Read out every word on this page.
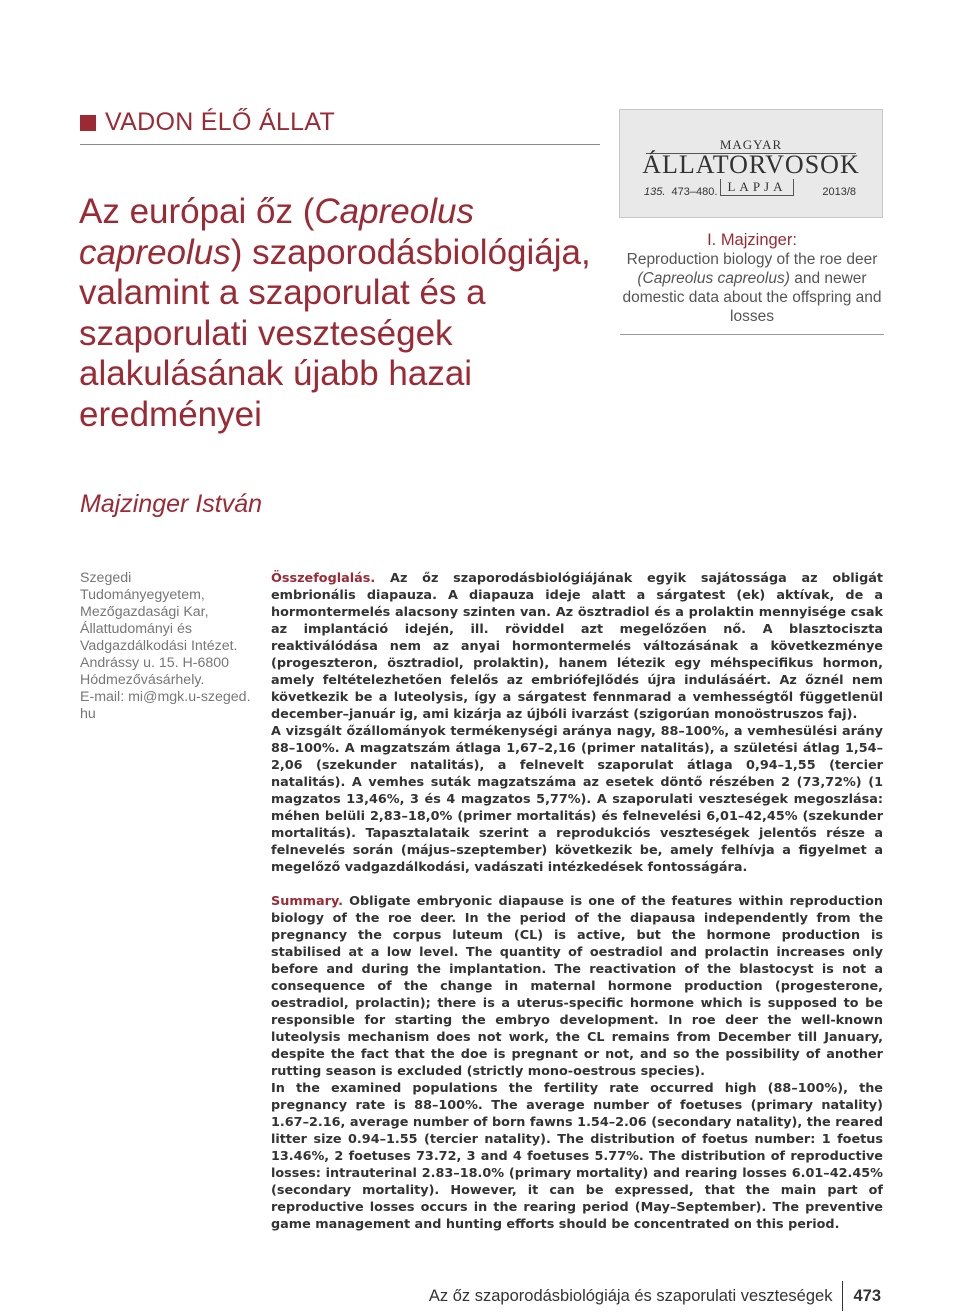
VADON ÉLŐ ÁLLAT
Az európai őz (Capreolus
capreolus) szaporodásbiológiája, valamint a szaporulat és a szaporulati veszteségek alakulásának újabb hazai eredményei
MAGYAR
ÁLLATORVOSOK
135. 473–480. LAPJA	2013/8
I. Majzinger:
Reproduction biology of the roe deer (Capreolus capreolus) and newer domestic data about the offspring and losses
Majzinger István
Szegedi
Tudományegyetem,
Mezőgazdasági Kar,
Állattudományi és
Vadgazdálkodási Intézet.
Andrássy u. 15. H-6800
Hódmezővásárhely.
E-mail: mi@mgk.u-szeged.
hu

Összefoglalás. Az őz szaporodásbiológiájának egyik sajátossága az obligát embrionális diapauza. A diapauza ideje alatt a sárgatest (ek) aktívak, de a hormontermelés alacsony szinten van. Az ösztradiol és a prolaktin mennyisége csak az implantáció idején, ill. röviddel azt megelőzően nő. A blasztociszta reaktiválódása nem az anyai hormontermelés változásának a következménye (progeszteron, ösztradiol, prolaktin), hanem létezik egy méhspecifikus hormon, amely feltételezhetően felelős az embriófejlődés újra indulásáért. Az őznél nem következik be a luteolysis, így a sárgatest fennmarad a vemhességtől függetlenül december–január ig, ami kizárja az újbóli ivarzást (szigorúan monoöstruszos faj).

A vizsgált őzállományok termékenységi aránya nagy, 88–100%, a vemhesülési arány 88–100%. A magzatszám átlaga 1,67–2,16 (primer natalitás), a születési átlag 1,54–2,06 (szekunder natalitás), a felnevelt szaporulat átlaga 0,94–1,55 (tercier natalitás). A vemhes suták magzatszáma az esetek döntő részében 2 (73,72%) (1 magzatos 13,46%, 3 és 4 magzatos 5,77%). A szaporulati veszteségek megoszlása: méhen belüli 2,83–18,0% (primer mortalitás) és felnevelési 6,01–42,45% (szekunder mortalitás). Tapasztalataik szerint a reprodukciós veszteségek jelentős része a felnevelés során (május–szeptember) következik be, amely felhívja a figyelmet a megelőző vadgazdálkodási, vadászati intézkedések fontosságára.

Summary. Obligate embryonic diapause is one of the features within reproduction biology of the roe deer. In the period of the diapausa independently from the pregnancy the corpus luteum (CL) is active, but the hormone production is stabilised at a low level. The quantity of oestradiol and prolactin increases only before and during the implantation. The reactivation of the blastocyst is not a consequence of the change in maternal hormone production (progesterone, oestradiol, prolactin); there is a uterus-specific hormone which is supposed to be responsible for starting the embryo development. In roe deer the well-known luteolysis mechanism does not work, the CL remains from December till January, despite the fact that the doe is pregnant or not, and so the possibility of another rutting season is excluded (strictly mono-oestrous species).

In the examined populations the fertility rate occurred high (88–100%), the pregnancy rate is 88–100%. The average number of foetuses (primary natality) 1.67–2.16, average number of born fawns 1.54–2.06 (secondary natality), the reared litter size 0.94–1.55 (tercier natality). The distribution of foetus number: 1 foetus 13.46%, 2 foetuses 73.72, 3 and 4 foetuses 5.77%. The distribution of reproductive losses: intrauterinal 2.83–18.0% (primary mortality) and rearing losses 6.01–42.45% (secondary mortality). However, it can be expressed, that the main part of reproductive losses occurs in the rearing period (May–September). The preventive game management and hunting efforts should be concentrated on this period.

Az őz szaporodásbiológiája és szaporulati veszteségek 473
